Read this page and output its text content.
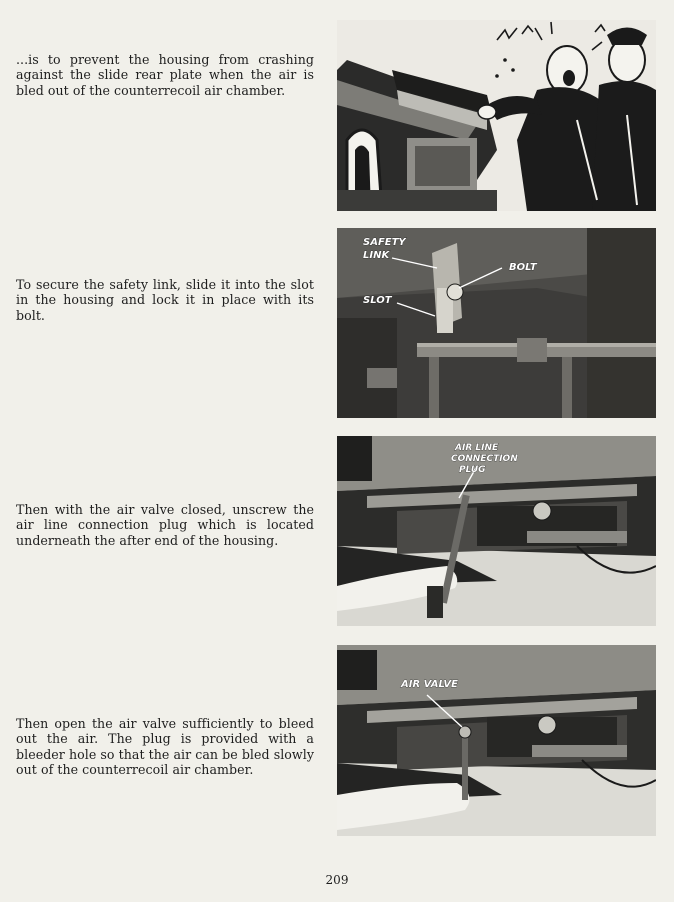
...is to prevent the housing from crashing against the slide rear plate when the air is bled out of the counterrecoil air chamber.
To secure the safety link, slide it into the slot in the housing and lock it in place with its bolt.
SAFETY
LINK
BOLT
SLOT
Then with the air valve closed, unscrew the air line connection plug which is located underneath the after end of the housing.
AIR LINE
CONNECTION
PLUG
Then open the air valve sufficiently to bleed out the air. The plug is provided with a bleeder hole so that the air can be bled slowly out of the counterrecoil air chamber.
AIR VALVE
209
